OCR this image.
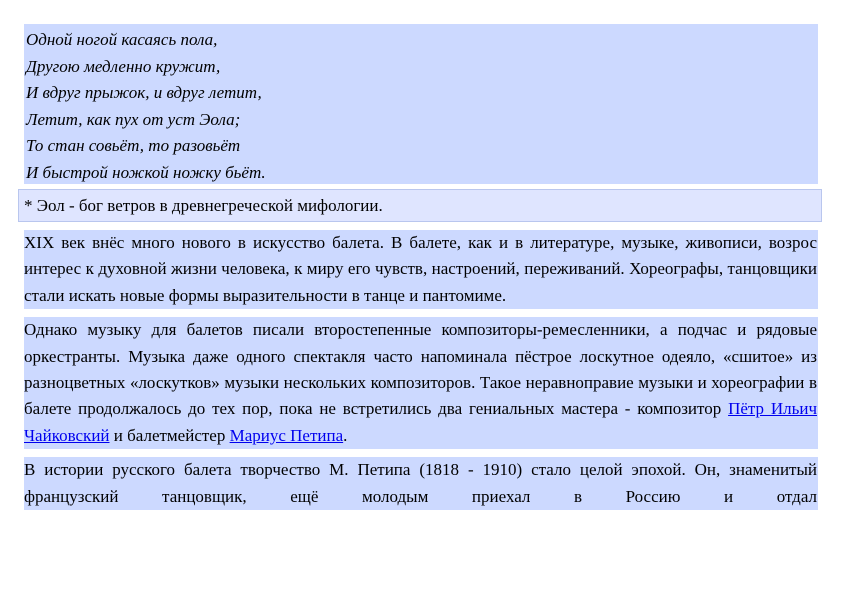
Одной ногой касаясь пола,
Другою медленно кружит,
И вдруг прыжок, и вдруг летит,
Летит, как пух от уст Эола;
То стан совьёт, то разовьёт
И быстрой ножкой ножку бьёт.
* Эол - бог ветров в древнегреческой мифологии.

XIX век внёс много нового в искусство балета. В балете, как и в литературе, музыке, живописи, возрос интерес к духовной жизни человека, к миру его чувств, настроений, переживаний. Хореографы, танцовщики стали искать новые формы выразительности в танце и пантомиме.

Однако музыку для балетов писали второстепенные композиторы-ремесленники, а подчас и рядовые оркестранты. Музыка даже одного спектакля часто напоминала пёстрое лоскутное одеяло, «сшитое» из разноцветных «лоскутков» музыки нескольких композиторов. Такое неравноправие музыки и хореографии в балете продолжалось до тех пор, пока не встретились два гениальных мастера - композитор Пётр Ильич Чайковский и балетмейстер Мариус Петипа.

В истории русского балета творчество М. Петипа (1818 - 1910) стало целой эпохой. Он, знаменитый французский танцовщик, ещё молодым приехал в Россию и отдал
